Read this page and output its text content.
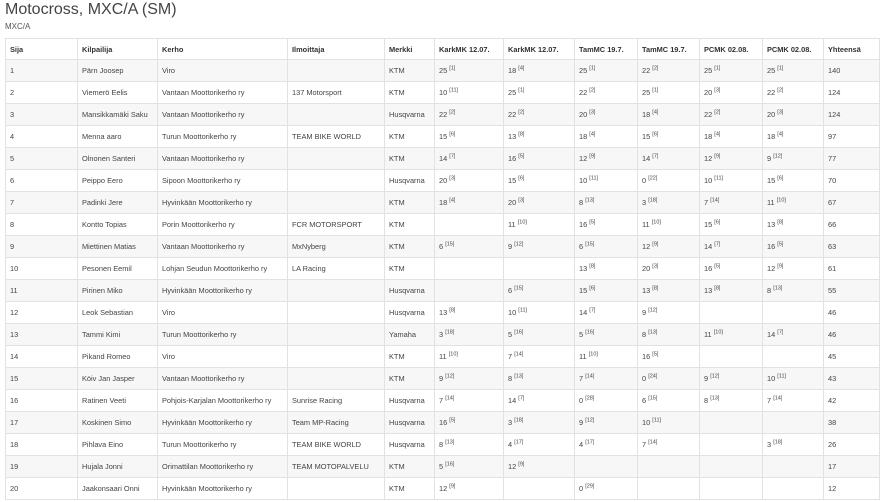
Motocross, MXC/A (SM)
MXC/A
Sija	Kilpailija	Kerho	Ilmoittaja	Merkki	KarkMK 12.07.	KarkMK 12.07.	TamMC 19.7.	TamMC 19.7.	PCMK 02.08.	PCMK 02.08.	Yhteensä
1	Pärn Joosep	Viro		KTM	25 [1]	18 [4]	25 [1]	22 [2]	25 [1]	25 [1]	140
2	Viemerö Eelis	Vantaan Moottorikerho ry	137 Motorsport	KTM	10 [11]	25 [1]	22 [2]	25 [1]	20 [3]	22 [2]	124
3	Mansikkamäki Saku	Vantaan Moottorikerho ry		Husqvarna	22 [2]	22 [2]	20 [3]	18 [4]	22 [2]	20 [3]	124
4	Menna aaro	Turun Moottorikerho ry	TEAM BIKE WORLD	KTM	15 [6]	13 [8]	18 [4]	15 [6]	18 [4]	18 [4]	97
5	Olnonen Santeri	Vantaan Moottorikerho ry		KTM	14 [7]	16 [5]	12 [9]	14 [7]	12 [9]	9 [12]	77
6	Peippo Eero	Sipoon Moottorikerho ry		Husqvarna	20 [3]	15 [6]	10 [11]	0 [22]	10 [11]	15 [6]	70
7	Padinki Jere	Hyvinkään Moottorikerho ry		KTM	18 [4]	20 [3]	8 [13]	3 [18]	7 [14]	11 [10]	67
8	Kontto Topias	Porin Moottorikerho ry	FCR MOTORSPORT	KTM		11 [10]	16 [5]	11 [10]	15 [6]	13 [8]	66
9	Miettinen Matias	Vantaan Moottorikerho ry	MxNyberg	KTM	6 [15]	9 [12]	6 [15]	12 [9]	14 [7]	16 [5]	63
10	Pesonen Eemil	Lohjan Seudun Moottorikerho ry	LA Racing	KTM			13 [8]	20 [3]	16 [5]	12 [9]	61
11	Pirinen Miko	Hyvinkään Moottorikerho ry		Husqvarna		6 [15]	15 [6]	13 [8]	13 [8]	8 [13]	55
12	Leok Sebastian	Viro		Husqvarna	13 [8]	10 [11]	14 [7]	9 [12]			46
13	Tammi Kimi	Turun Moottorikerho ry		Yamaha	3 [18]	5 [16]	5 [16]	8 [13]	11 [10]	14 [7]	46
14	Pikand Romeo	Viro		KTM	11 [10]	7 [14]	11 [10]	16 [5]			45
15	Köiv Jan Jasper	Vantaan Moottorikerho ry		KTM	9 [12]	8 [13]	7 [14]	0 [24]	9 [12]	10 [11]	43
16	Ratinen Veeti	Pohjois-Karjalan Moottorikerho ry	Sunrise Racing	Husqvarna	7 [14]	14 [7]	0 [28]	6 [15]	8 [13]	7 [14]	42
17	Koskinen Simo	Hyvinkään Moottorikerho ry	Team MP-Racing	Husqvarna	16 [5]	3 [18]	9 [12]	10 [11]			38
18	Pihlava Eino	Turun Moottorikerho ry	TEAM BIKE WORLD	Husqvarna	8 [13]	4 [17]	4 [17]	7 [14]		3 [18]	26
19	Hujala Jonni	Orimattilan Moottorikerho ry	TEAM MOTOPALVELU	KTM	5 [16]	12 [9]					17
20	Jaakonsaari Onni	Hyvinkään Moottorikerho ry		KTM	12 [9]		0 [29]				12
